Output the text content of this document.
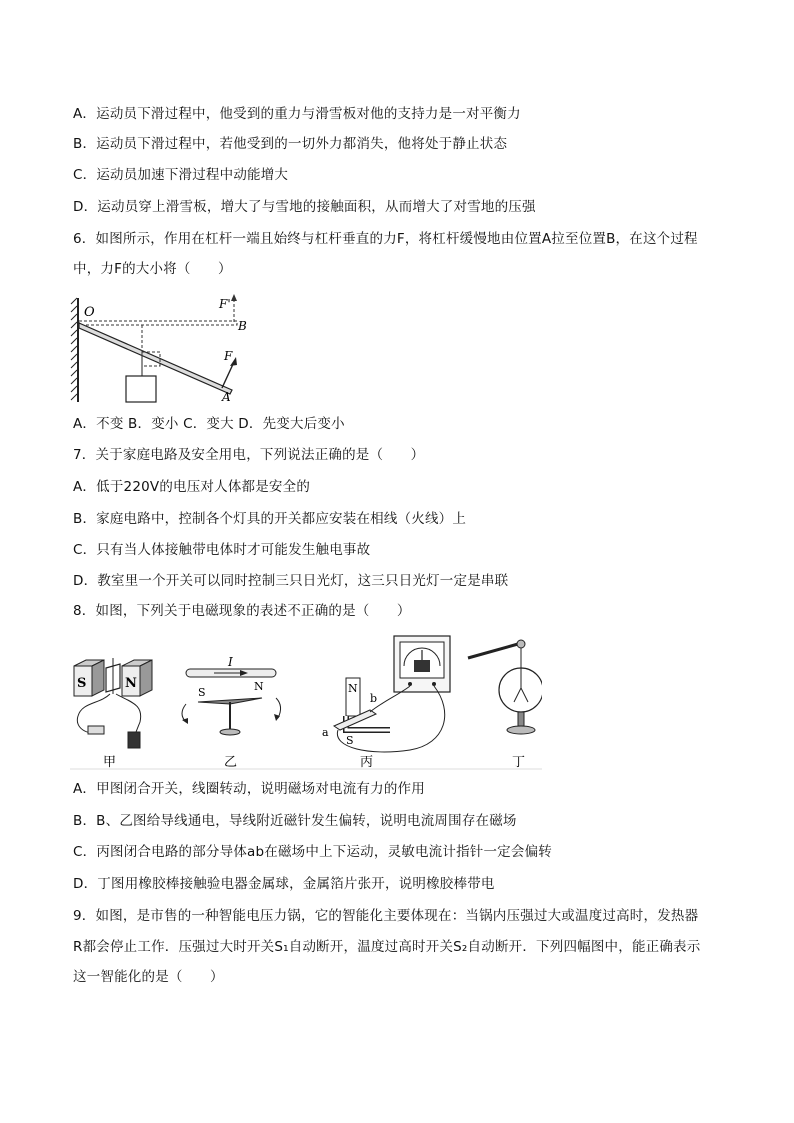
A．运动员下滑过程中，他受到的重力与滑雪板对他的支持力是一对平衡力
B．运动员下滑过程中，若他受到的一切外力都消失，他将处于静止状态
C．运动员加速下滑过程中动能增大
D．运动员穿上滑雪板，增大了与雪地的接触面积，从而增大了对雪地的压强
6．如图所示，作用在杠杆一端且始终与杠杆垂直的力F，将杠杆缓慢地由位置A拉至位置B，在这个过程
中，力F的大小将（　　）
O
B
A
F
F'
A．不变 B．变小 C．变大 D．先变大后变小
7．关于家庭电路及安全用电，下列说法正确的是（　　）
A．低于220V的电压对人体都是安全的
B．家庭电路中，控制各个灯具的开关都应安装在相线（火线）上
C．只有当人体接触带电体时才可能发生触电事故
D．教室里一个开关可以同时控制三只日光灯，这三只日光灯一定是串联
8．如图，下列关于电磁现象的表述不正确的是（　　）
S	N
甲
I
S	N
乙
N
b
a
S
丙	丁
A．甲图闭合开关，线圈转动，说明磁场对电流有力的作用
B．B、乙图给导线通电，导线附近磁针发生偏转，说明电流周围存在磁场
C．丙图闭合电路的部分导体ab在磁场中上下运动，灵敏电流计指针一定会偏转
D．丁图用橡胶棒接触验电器金属球，金属箔片张开，说明橡胶棒带电
9．如图，是市售的一种智能电压力锅，它的智能化主要体现在：当锅内压强过大或温度过高时，发热器
R都会停止工作．压强过大时开关S₁自动断开，温度过高时开关S₂自动断开．下列四幅图中，能正确表示
这一智能化的是（　　）
